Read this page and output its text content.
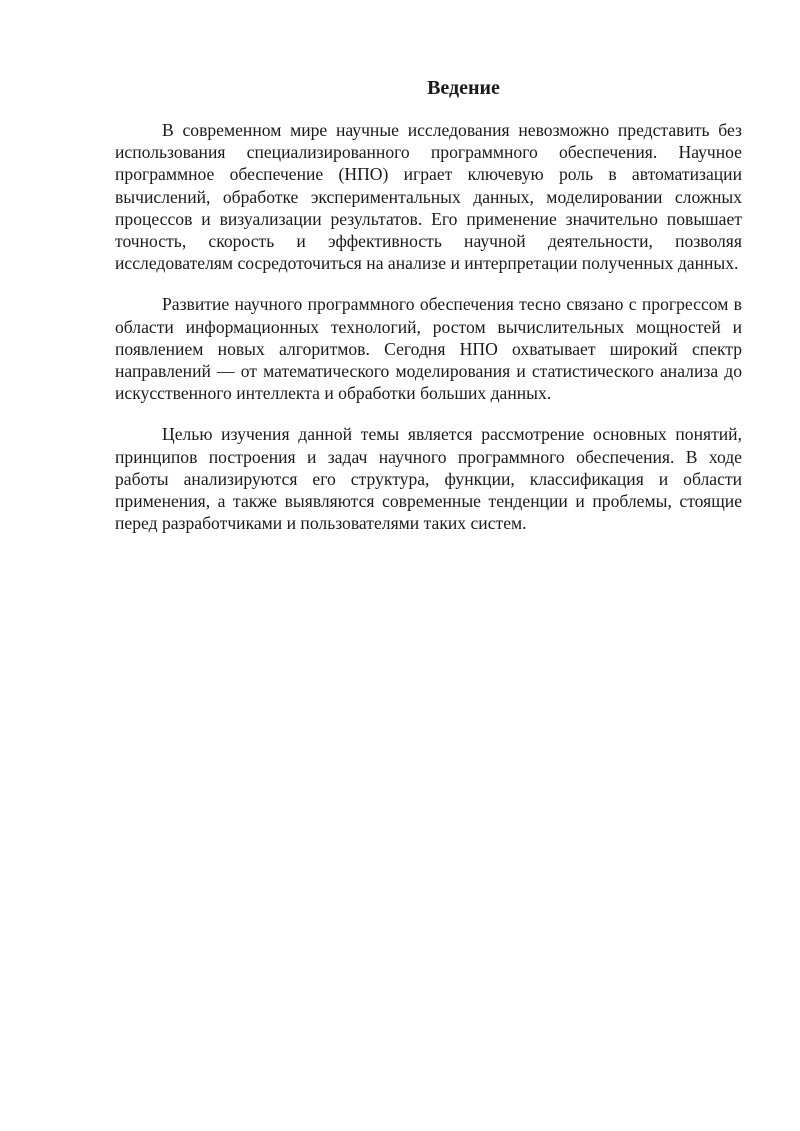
Ведение

В современном мире научные исследования невозможно представить без использования специализированного программного обеспечения. Научное программное обеспечение (НПО) играет ключевую роль в автоматизации вычислений, обработке экспериментальных данных, моделировании сложных процессов и визуализации результатов. Его применение значительно повышает точность, скорость и эффективность научной деятельности, позволяя исследователям сосредоточиться на анализе и интерпретации полученных данных.

Развитие научного программного обеспечения тесно связано с прогрессом в области информационных технологий, ростом вычислительных мощностей и появлением новых алгоритмов. Сегодня НПО охватывает широкий спектр направлений — от математического моделирования и статистического анализа до искусственного интеллекта и обработки больших данных.

Целью изучения данной темы является рассмотрение основных понятий, принципов построения и задач научного программного обеспечения. В ходе работы анализируются его структура, функции, классификация и области применения, а также выявляются современные тенденции и проблемы, стоящие перед разработчиками и пользователями таких систем.
